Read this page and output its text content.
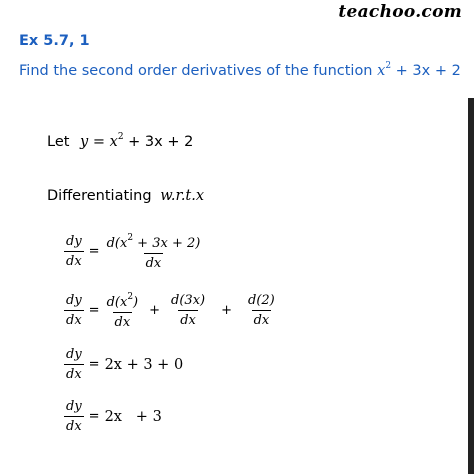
teachoo.com
Ex 5.7, 1
Find the second order derivatives of the function $x^2 + 3x + 2$
Let $y = x^2 + 3x + 2$
Differentiating w.r.t.x
$\frac{dy}{dx} = \frac{d(x^2 + 3x + 2)}{dx}$
$\frac{dy}{dx} = \frac{d(x^2)}{dx} + \frac{d(3x)}{dx} + \frac{d(2)}{dx}$
$\frac{dy}{dx} = 2x + 3 + 0$
$\frac{dy}{dx} = 2x + 3$
